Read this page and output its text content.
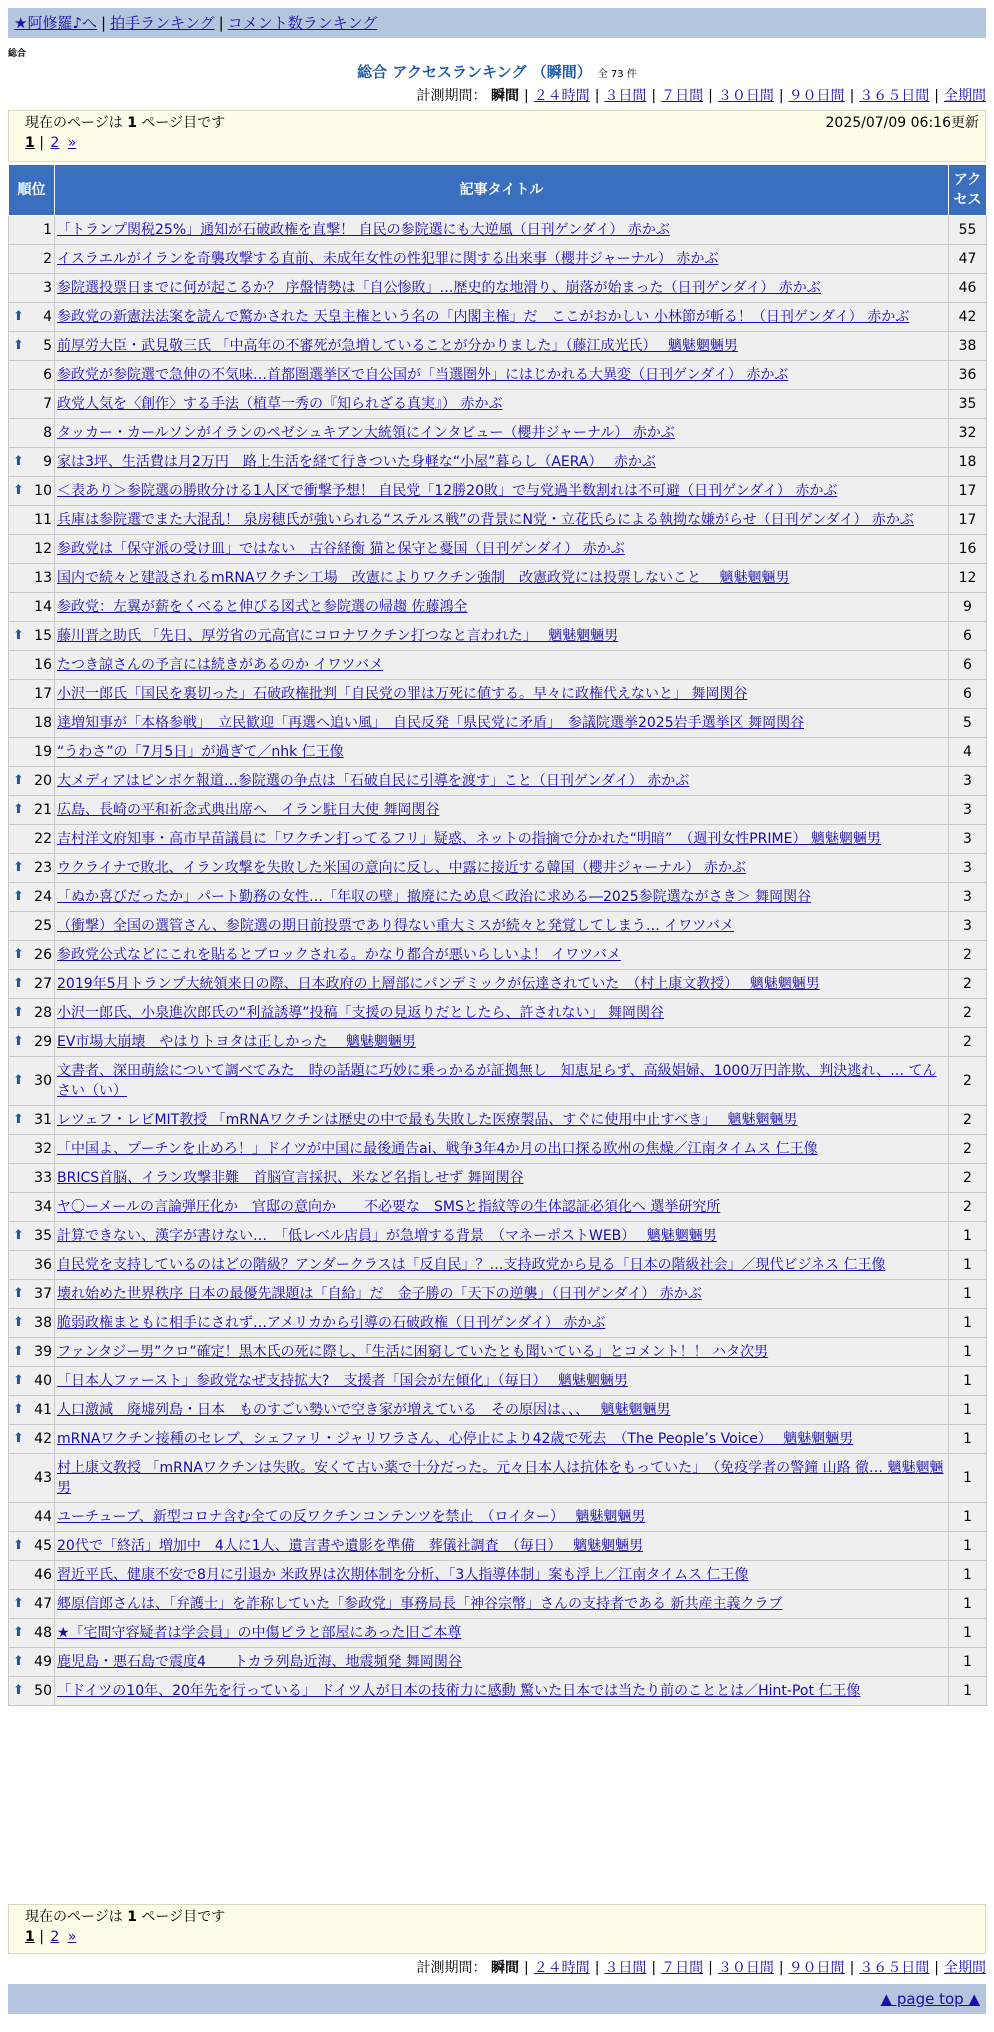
★阿修羅♪へ | 拍手ランキング | コメント数ランキング
総合
総合 アクセスランキング （瞬間） 全 73 件
計測期間： 瞬間 | ２４時間 | ３日間 | ７日間 | ３０日間 | ９０日間 | ３６５日間 | 全期間
現在のページは 1 ページ目です	2025/07/09 06:16更新
1 | 2 »
順位	記事タイトル	アクセス
1	「トランプ関税25%」通知が石破政権を直撃！ 自民の参院選にも大逆風（日刊ゲンダイ） 赤かぶ	55
2	イスラエルがイランを奇襲攻撃する直前、未成年女性の性犯罪に関する出来事（櫻井ジャーナル） 赤かぶ	47
3	参院選投票日までに何が起こるか？ 序盤情勢は「自公惨敗」…歴史的な地滑り、崩落が始まった（日刊ゲンダイ） 赤かぶ	46

⬆ 4	参政党の新憲法法案を読んで驚かされた 天皇主権という名の「内閣主権」だ　ここがおかしい 小林節が斬る！（日刊ゲンダイ） 赤かぶ	42

⬆ 5	前厚労大臣・武見敬三氏 「中高年の不審死が急増していることが分かりました」（藤江成光氏）　 魑魅魍魎男	38
6	参政党が参院選で急伸の不気味…首都圏選挙区で自公国が「当選圏外」にはじかれる大異変（日刊ゲンダイ） 赤かぶ	36
7	政党人気を〈創作〉する手法（植草一秀の『知られざる真実』） 赤かぶ	35
8	タッカー・カールソンがイランのペゼシュキアン大統領にインタビュー（櫻井ジャーナル） 赤かぶ	32

⬆ 9	家は3坪、生活費は月2万円　路上生活を経て行きついた身軽な“小屋”暮らし（AERA）　 赤かぶ	18

⬆ 10	＜表あり＞参院選の勝敗分ける1人区で衝撃予想！ 自民党「12勝20敗」で与党過半数割れは不可避（日刊ゲンダイ） 赤かぶ	17
11	兵庫は参院選でまた大混乱！ 泉房穂氏が強いられる“ステルス戦”の背景にN党・立花氏らによる執拗な嫌がらせ（日刊ゲンダイ） 赤かぶ	17
12	参政党は「保守派の受け皿」ではない　古谷経衡 猫と保守と憂国（日刊ゲンダイ） 赤かぶ	16
13	国内で続々と建設されるmRNAワクチン工場　改憲によりワクチン強制　改憲政党には投票しないこと　 魑魅魍魎男	12
14	参政党：左翼が薪をくべると伸びる図式と参院選の帰趨 佐藤鴻全	9

⬆ 15	藤川晋之助氏 「先日、厚労省の元高官にコロナワクチン打つなと言われた」　 魑魅魍魎男	6
16	たつき諒さんの予言には続きがあるのか イワツバメ	6
17	小沢一郎氏「国民を裏切った」石破政権批判「自民党の罪は万死に値する。早々に政権代えないと」 舞岡関谷	6
18	達増知事が「本格参戦」　立民歓迎「再選へ追い風」　自民反発「県民党に矛盾」　参議院選挙2025岩手選挙区 舞岡関谷	5
19	“うわさ”の「7月5日」が過ぎて／nhk 仁王像	4

⬆ 20	大メディアはピンボケ報道…参院選の争点は「石破自民に引導を渡す」こと（日刊ゲンダイ） 赤かぶ	3

⬆ 21	広島、長崎の平和祈念式典出席へ　イラン駐日大使 舞岡関谷	3
22	吉村洋文府知事・高市早苗議員に「ワクチン打ってるフリ」疑惑、ネットの指摘で分かれた“明暗”　（週刊女性PRIME） 魑魅魍魎男	3

⬆ 23	ウクライナで敗北、イラン攻撃を失敗した米国の意向に反し、中露に接近する韓国（櫻井ジャーナル） 赤かぶ	3

⬆ 24	「ぬか喜びだったか」パート勤務の女性…「年収の壁」撤廃にため息＜政治に求める―2025参院選ながさき＞ 舞岡関谷	3
25	（衝撃）全国の選管さん、参院選の期日前投票であり得ない重大ミスが続々と発覚してしまう… イワツバメ	3

⬆ 26	参政党公式などにこれを貼るとブロックされる。かなり都合が悪いらしいよ！ イワツバメ	2

⬆ 27	2019年5月トランプ大統領来日の際、日本政府の上層部にパンデミックが伝達されていた　（村上康文教授）　 魑魅魍魎男	2

⬆ 28	小沢一郎氏、小泉進次郎氏の“利益誘導”投稿「支援の見返りだとしたら、許されない」 舞岡関谷	2

⬆ 29	EV市場大崩壊　やはりトヨタは正しかった　 魑魅魍魎男	2

⬆ 30	文書者、深田萌絵について調べてみた　時の話題に巧妙に乗っかるが証拠無し　知恵足らず、高級娼婦、1000万円詐欺、判決逃れ、… てんさい（い）	2

⬆ 31	レツェフ・レビMIT教授 「mRNAワクチンは歴史の中で最も失敗した医療製品、すぐに使用中止すべき」　 魑魅魍魎男	2
32	「中国よ、プーチンを止めろ！」ドイツが中国に最後通告ai、戦争3年4か月の出口探る欧州の焦燥／江南タイムス 仁王像	2
33	BRICS首脳、イラン攻撃非難　首脳宣言採択、米など名指しせず 舞岡関谷	2
34	ヤ〇ーメールの言論弾圧化か　官邸の意向か　　不必要な　SMSと指紋等の生体認証必須化へ 選挙研究所	2

⬆ 35	計算できない、漢字が書けない…　「低レベル店員」が急増する背景　（マネーポストWEB）　 魑魅魍魎男	1
36	自民党を支持しているのはどの階級？アンダークラスは「反自民」？…支持政党から見る「日本の階級社会」／現代ビジネス 仁王像	1

⬆ 37	壊れ始めた世界秩序 日本の最優先課題は「自給」だ　金子勝の「天下の逆襲」（日刊ゲンダイ） 赤かぶ	1

⬆ 38	脆弱政権まともに相手にされず…アメリカから引導の石破政権（日刊ゲンダイ） 赤かぶ	1

⬆ 39	ファンタジー男”クロ”確定！黒木氏の死に際し、「生活に困窮していたとも聞いている」とコメント！！ ハタ次男	1

⬆ 40	「日本人ファースト」参政党なぜ支持拡大?　支援者「国会が左傾化」（毎日）　 魑魅魍魎男	1

⬆ 41	人口激減　廃墟列島・日本　ものすごい勢いで空き家が増えている　その原因は、、、　 魑魅魍魎男	1

⬆ 42	mRNAワクチン接種のセレブ、シェファリ・ジャリワラさん、心停止により42歳で死去　（The People’s Voice）　 魑魅魍魎男	1
43	村上康文教授 「mRNAワクチンは失敗。安くて古い薬で十分だった。元々日本人は抗体をもっていた」　（免疫学者の警鐘 山路 徹… 魑魅魍魎男	1
44	ユーチューブ、新型コロナ含む全ての反ワクチンコンテンツを禁止　（ロイター）　 魑魅魍魎男	1

⬆ 45	20代で「終活」増加中　4人に1人、遺言書や遺影を準備　葬儀社調査　（毎日）　 魑魅魍魎男	1
46	習近平氏、健康不安で8月に引退か 米政界は次期体制を分析、「3人指導体制」案も浮上／江南タイムス 仁王像	1

⬆ 47	郷原信郎さんは、「弁護士」を詐称していた「参政党」事務局長「神谷宗幣」さんの支持者である 新共産主義クラブ	1

⬆ 48	★「宅間守容疑者は学会員」の中傷ビラと部屋にあった旧ご本尊	1

⬆ 49	鹿児島・悪石島で震度4　　トカラ列島近海、地震頻発 舞岡関谷	1

⬆ 50	「ドイツの10年、20年先を行っている」 ドイツ人が日本の技術力に感動 驚いた日本では当たり前のこととは／Hint-Pot 仁王像	1
現在のページは 1 ページ目です
1 | 2 »
計測期間： 瞬間 | ２４時間 | ３日間 | ７日間 | ３０日間 | ９０日間 | ３６５日間 | 全期間
▲ page top ▲
